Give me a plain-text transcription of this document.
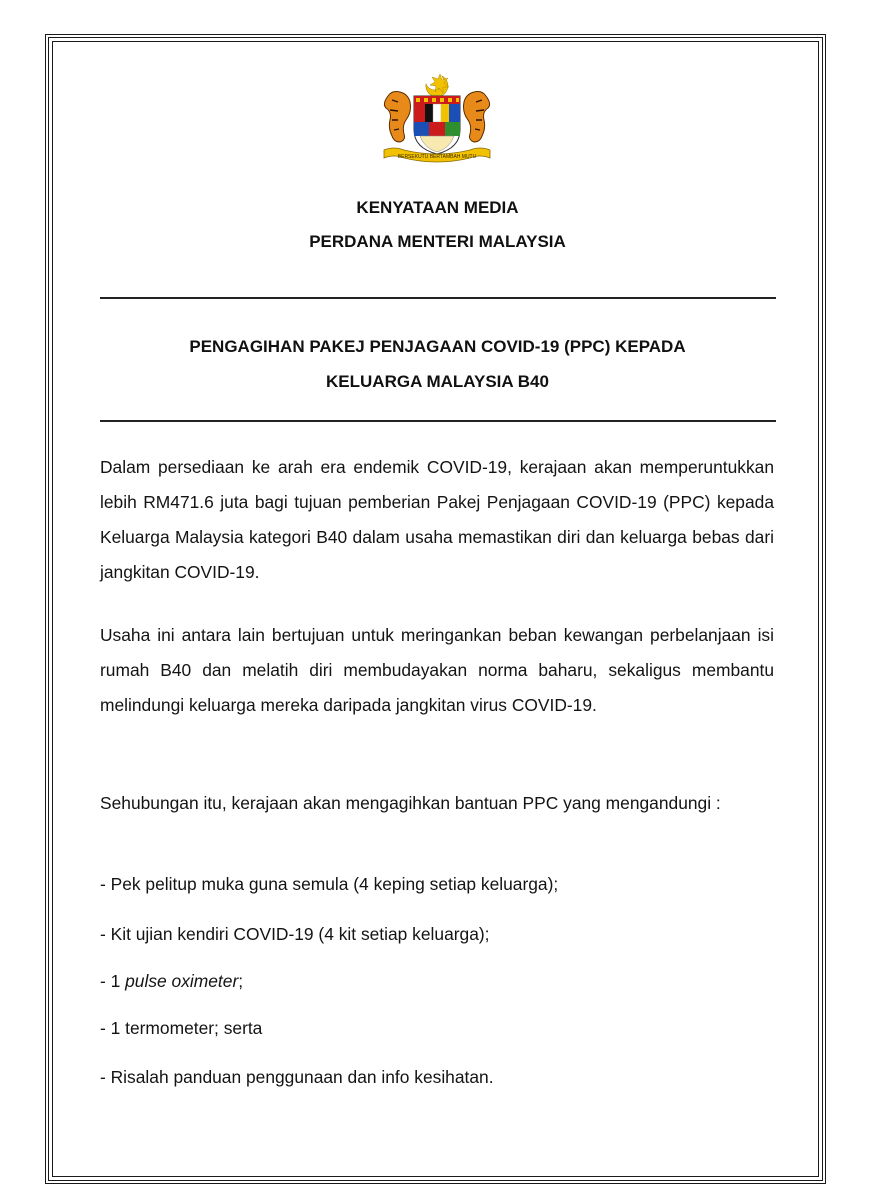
BERSEKUTU BERTAMBAH MUTU

KENYATAAN MEDIA

PERDANA MENTERI MALAYSIA

PENGAGIHAN PAKEJ PENJAGAAN COVID-19 (PPC) KEPADA

KELUARGA MALAYSIA B40

Dalam persediaan ke arah era endemik COVID-19, kerajaan akan memperuntukkan lebih RM471.6 juta bagi tujuan pemberian Pakej Penjagaan COVID-19 (PPC) kepada Keluarga Malaysia kategori B40 dalam usaha memastikan diri dan keluarga bebas dari jangkitan COVID-19.

Usaha ini antara lain bertujuan untuk meringankan beban kewangan perbelanjaan isi rumah B40 dan melatih diri membudayakan norma baharu, sekaligus membantu melindungi keluarga mereka daripada jangkitan virus COVID-19.

Sehubungan itu, kerajaan akan mengagihkan bantuan PPC yang mengandungi :

- Pek pelitup muka guna semula (4 keping setiap keluarga);

- Kit ujian kendiri COVID-19 (4 kit setiap keluarga);

- 1 pulse oximeter;

- 1 termometer; serta

- Risalah panduan penggunaan dan info kesihatan.
